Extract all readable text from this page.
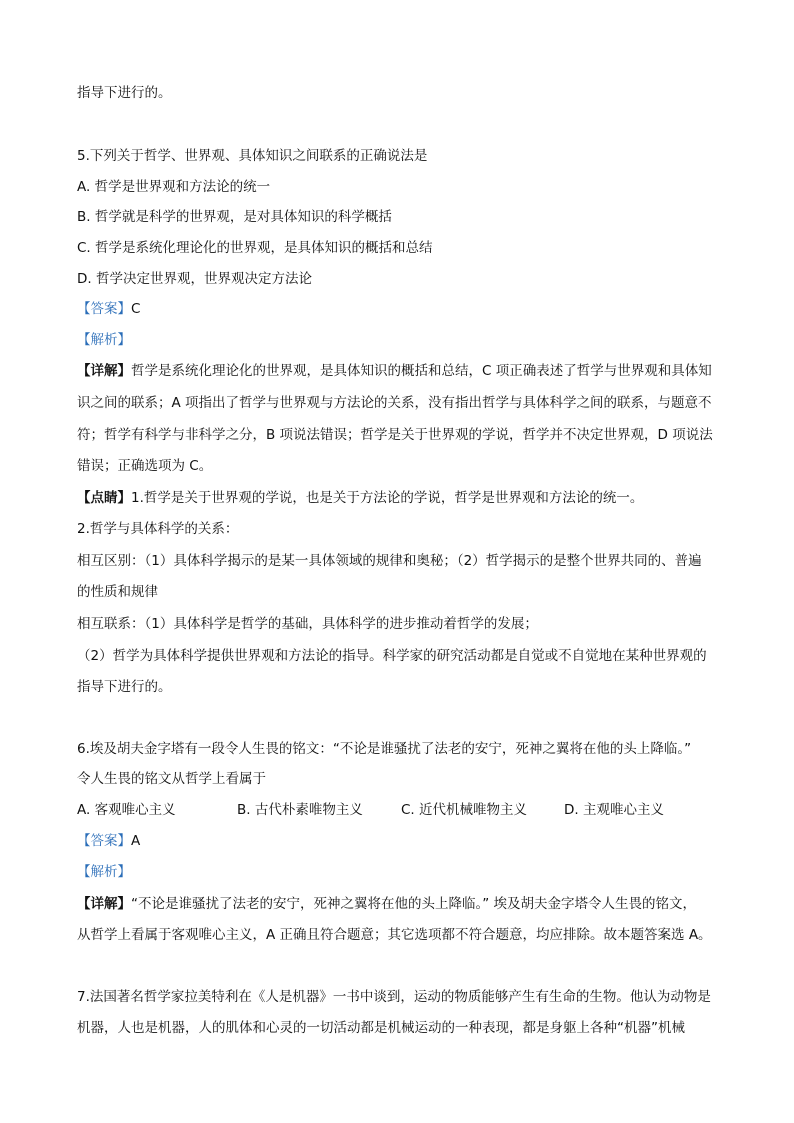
指导下进行的。
5.下列关于哲学、世界观、具体知识之间联系的正确说法是
A. 哲学是世界观和方法论的统一
B. 哲学就是科学的世界观，是对具体知识的科学概括
C. 哲学是系统化理论化的世界观，是具体知识的概括和总结
D. 哲学决定世界观，世界观决定方法论
【答案】C
【解析】
【详解】哲学是系统化理论化的世界观，是具体知识的概括和总结，C 项正确表述了哲学与世界观和具体知
识之间的联系；A 项指出了哲学与世界观与方法论的关系，没有指出哲学与具体科学之间的联系，与题意不
符；哲学有科学与非科学之分，B 项说法错误；哲学是关于世界观的学说，哲学并不决定世界观，D 项说法
错误；正确选项为 C。
【点睛】1.哲学是关于世界观的学说，也是关于方法论的学说，哲学是世界观和方法论的统一。
2.哲学与具体科学的关系：
相互区别：（1）具体科学揭示的是某一具体领域的规律和奥秘；（2）哲学揭示的是整个世界共同的、普遍
的性质和规律
相互联系：（1）具体科学是哲学的基础，具体科学的进步推动着哲学的发展；
（2）哲学为具体科学提供世界观和方法论的指导。科学家的研究活动都是自觉或不自觉地在某种世界观的
指导下进行的。
6.埃及胡夫金字塔有一段令人生畏的铭文：“不论是谁骚扰了法老的安宁，死神之翼将在他的头上降临。”
令人生畏的铭文从哲学上看属于
A. 客观唯心主义	B. 古代朴素唯物主义	C. 近代机械唯物主义	D. 主观唯心主义
【答案】A
【解析】
【详解】“不论是谁骚扰了法老的安宁，死神之翼将在他的头上降临。” 埃及胡夫金字塔令人生畏的铭文，
从哲学上看属于客观唯心主义，A 正确且符合题意；其它选项都不符合题意，均应排除。故本题答案选 A。
7.法国著名哲学家拉美特利在《人是机器》一书中谈到，运动的物质能够产生有生命的生物。他认为动物是
机器，人也是机器，人的肌体和心灵的一切活动都是机械运动的一种表现，都是身躯上各种“机器”机械
